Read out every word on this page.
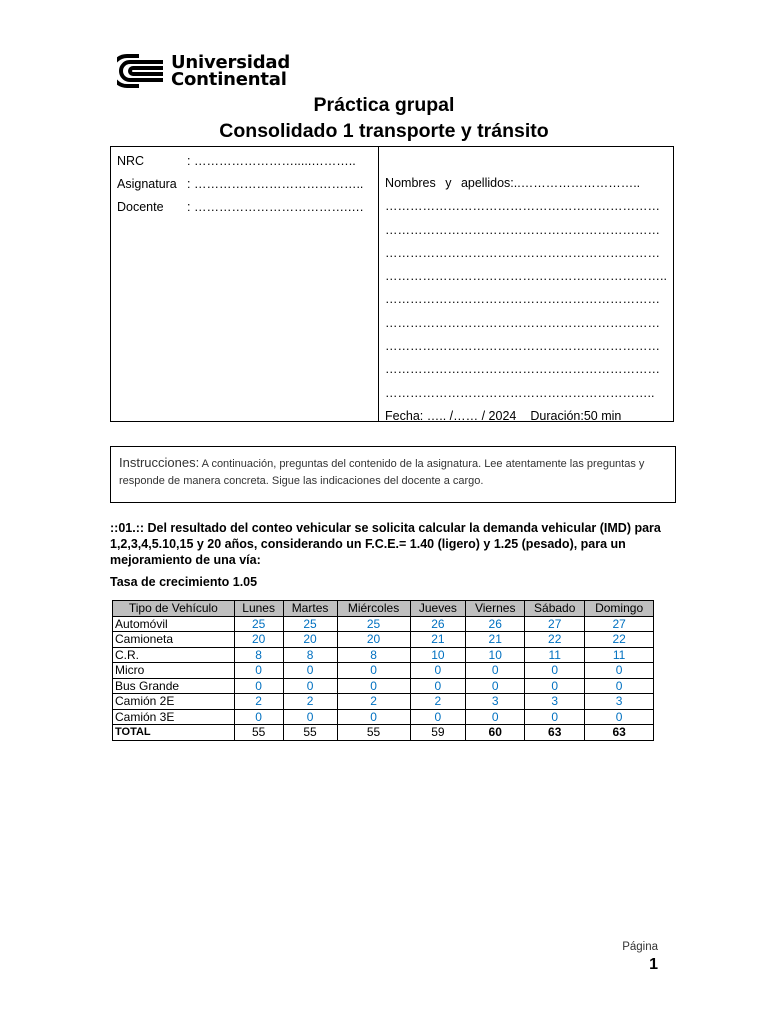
Universidad
Continental
Práctica grupal
Consolidado 1 transporte y tránsito
NRC	: …………………….....………..
Asignatura : …………………………………..
Docente : ……………………………….….
Nombres y apellidos:..………………………..
…………………………………………………………
…………………………………………………………
…………………………………………………………
…………………………………………………………..
…………………………………………………………
…………………………………………………………
…………………………………………………………
…………………………………………………………
………………………………………………………..
Fecha: ….. /…… / 2024 Duración:50 min
Instrucciones: A continuación, preguntas del contenido de la asignatura. Lee atentamente las preguntas y responde de manera concreta. Sigue las indicaciones del docente a cargo.
::01.:: Del resultado del conteo vehicular se solicita calcular la demanda vehicular (IMD) para 1,2,3,4,5.10,15 y 20 años, considerando un F.C.E.= 1.40 (ligero) y 1.25 (pesado), para un mejoramiento de una vía:
Tasa de crecimiento 1.05
Tipo de Vehículo	Lunes	Martes	Miércoles	Jueves	Viernes	Sábado	Domingo
Automóvil	25	25	25	26	26	27	27
Camioneta	20	20	20	21	21	22	22
C.R.	8	8	8	10	10	11	11
Micro	0	0	0	0	0	0	0
Bus Grande	0	0	0	0	0	0	0
Camión 2E	2	2	2	2	3	3	3
Camión 3E	0	0	0	0	0	0	0
TOTAL	55	55	55	59	60	63	63
Página
1
